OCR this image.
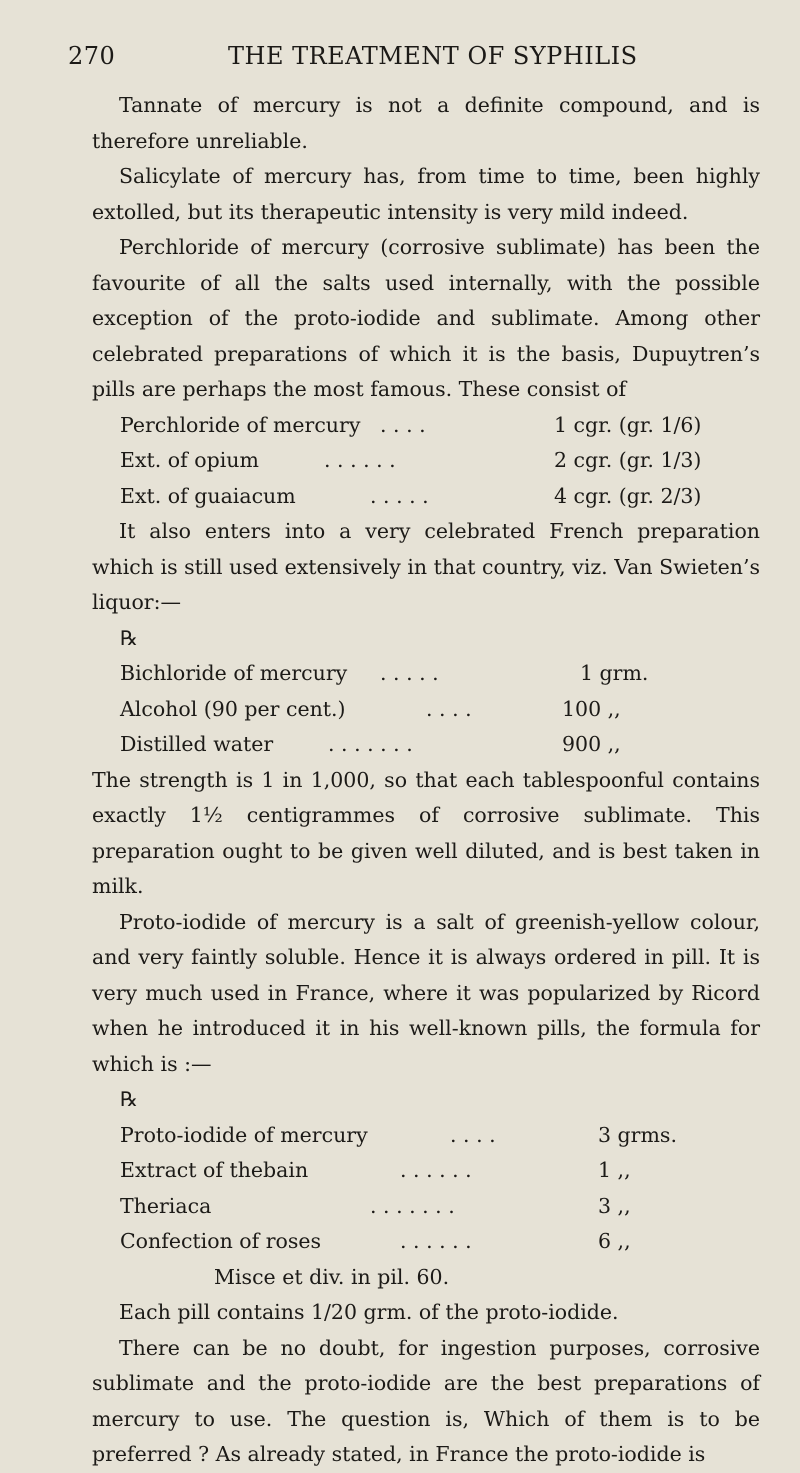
270	THE TREATMENT OF SYPHILIS

Tannate of mercury is not a definite compound, and is therefore unreliable.

Salicylate of mercury has, from time to time, been highly extolled, but its therapeutic intensity is very mild indeed.

Perchloride of mercury (corrosive sublimate) has been the favourite of all the salts used internally, with the possible exception of the proto-iodide and sublimate. Among other celebrated preparations of which it is the basis, Dupuytren’s pills are perhaps the most famous. These consist of

Perchloride of mercury . . . .	1 cgr. (gr. 1/6)
Ext. of opium	. . . . . .	2 cgr. (gr. 1/3)
Ext. of guaiacum	. . . . .	4 cgr. (gr. 2/3)

It also enters into a very celebrated French preparation which is still used extensively in that country, viz. Van Swieten’s liquor:—

℞
Bichloride of mercury . . . . .	1 grm.
Alcohol (90 per cent.)	. . . .	100 ,,
Distilled water	. . . . . . .	900 ,,

The strength is 1 in 1,000, so that each tablespoonful contains exactly 1½ centigrammes of corrosive sublimate. This preparation ought to be given well diluted, and is best taken in milk.

Proto-iodide of mercury is a salt of greenish-yellow colour, and very faintly soluble. Hence it is always ordered in pill. It is very much used in France, where it was popularized by Ricord when he introduced it in his well-known pills, the formula for which is :—

℞
Proto-iodide of mercury	. . . .	3 grms.
Extract of thebain	. . . . . .	1 ,,
Theriaca	. . . . . . .	3 ,,
Confection of roses	. . . . . .	6 ,,
Misce et div. in pil. 60.

Each pill contains 1/20 grm. of the proto-iodide.

There can be no doubt, for ingestion purposes, corrosive sublimate and the proto-iodide are the best preparations of mercury to use. The question is, Which of them is to be preferred ? As already stated, in France the proto-iodide is
